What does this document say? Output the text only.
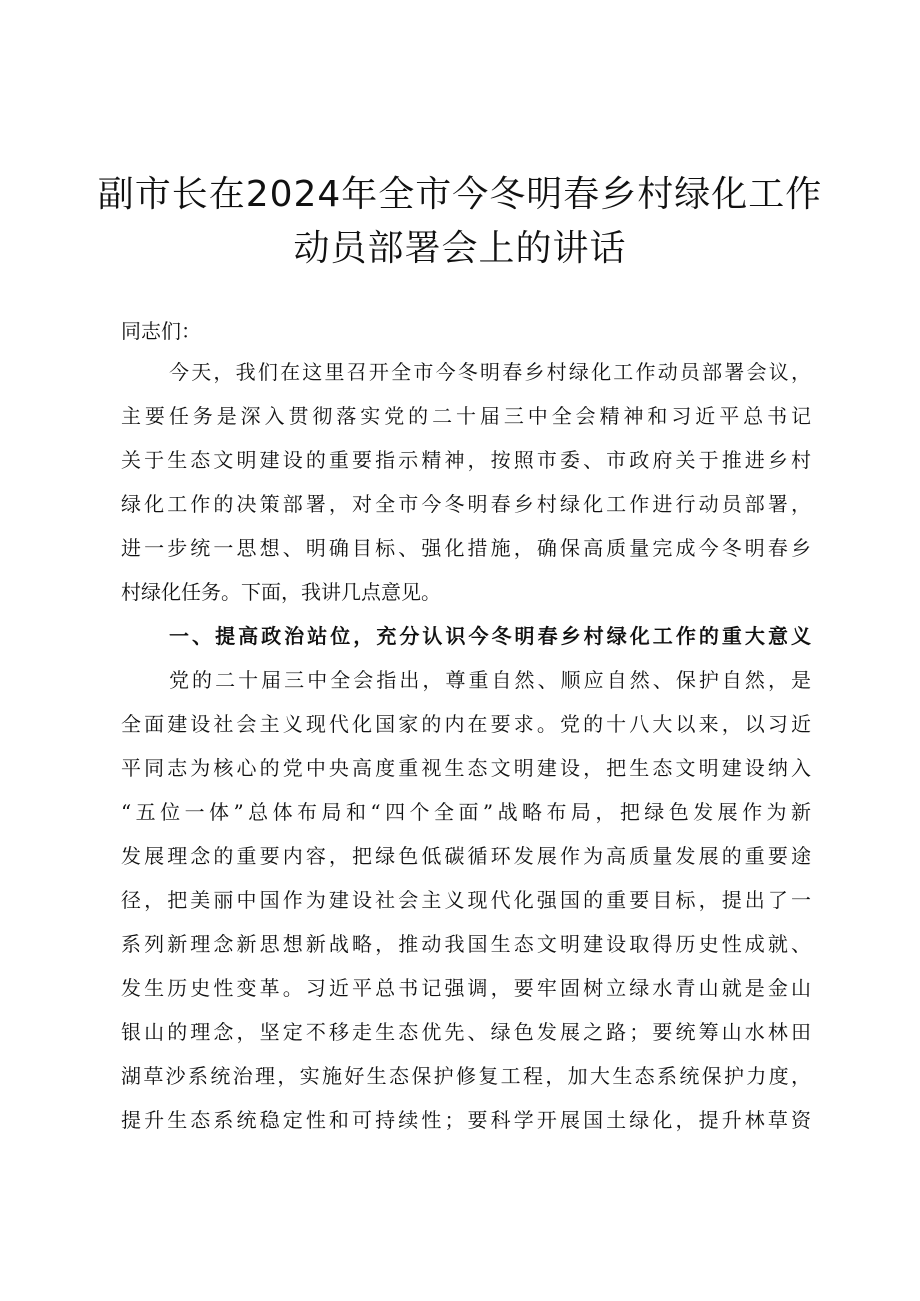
副市长在2024年全市今冬明春乡村绿化工作
动员部署会上的讲话
同志们：
今天，我们在这里召开全市今冬明春乡村绿化工作动员部署会议，
主要任务是深入贯彻落实党的二十届三中全会精神和习近平总书记
关于生态文明建设的重要指示精神，按照市委、市政府关于推进乡村
绿化工作的决策部署，对全市今冬明春乡村绿化工作进行动员部署，
进一步统一思想、明确目标、强化措施，确保高质量完成今冬明春乡
村绿化任务。下面，我讲几点意见。
一、提高政治站位，充分认识今冬明春乡村绿化工作的重大意义
党的二十届三中全会指出，尊重自然、顺应自然、保护自然，是
全面建设社会主义现代化国家的内在要求。党的十八大以来，以习近
平同志为核心的党中央高度重视生态文明建设，把生态文明建设纳入
“五位一体”总体布局和“四个全面”战略布局，把绿色发展作为新
发展理念的重要内容，把绿色低碳循环发展作为高质量发展的重要途
径，把美丽中国作为建设社会主义现代化强国的重要目标，提出了一
系列新理念新思想新战略，推动我国生态文明建设取得历史性成就、
发生历史性变革。习近平总书记强调，要牢固树立绿水青山就是金山
银山的理念，坚定不移走生态优先、绿色发展之路；要统筹山水林田
湖草沙系统治理，实施好生态保护修复工程，加大生态系统保护力度，
提升生态系统稳定性和可持续性；要科学开展国土绿化，提升林草资
